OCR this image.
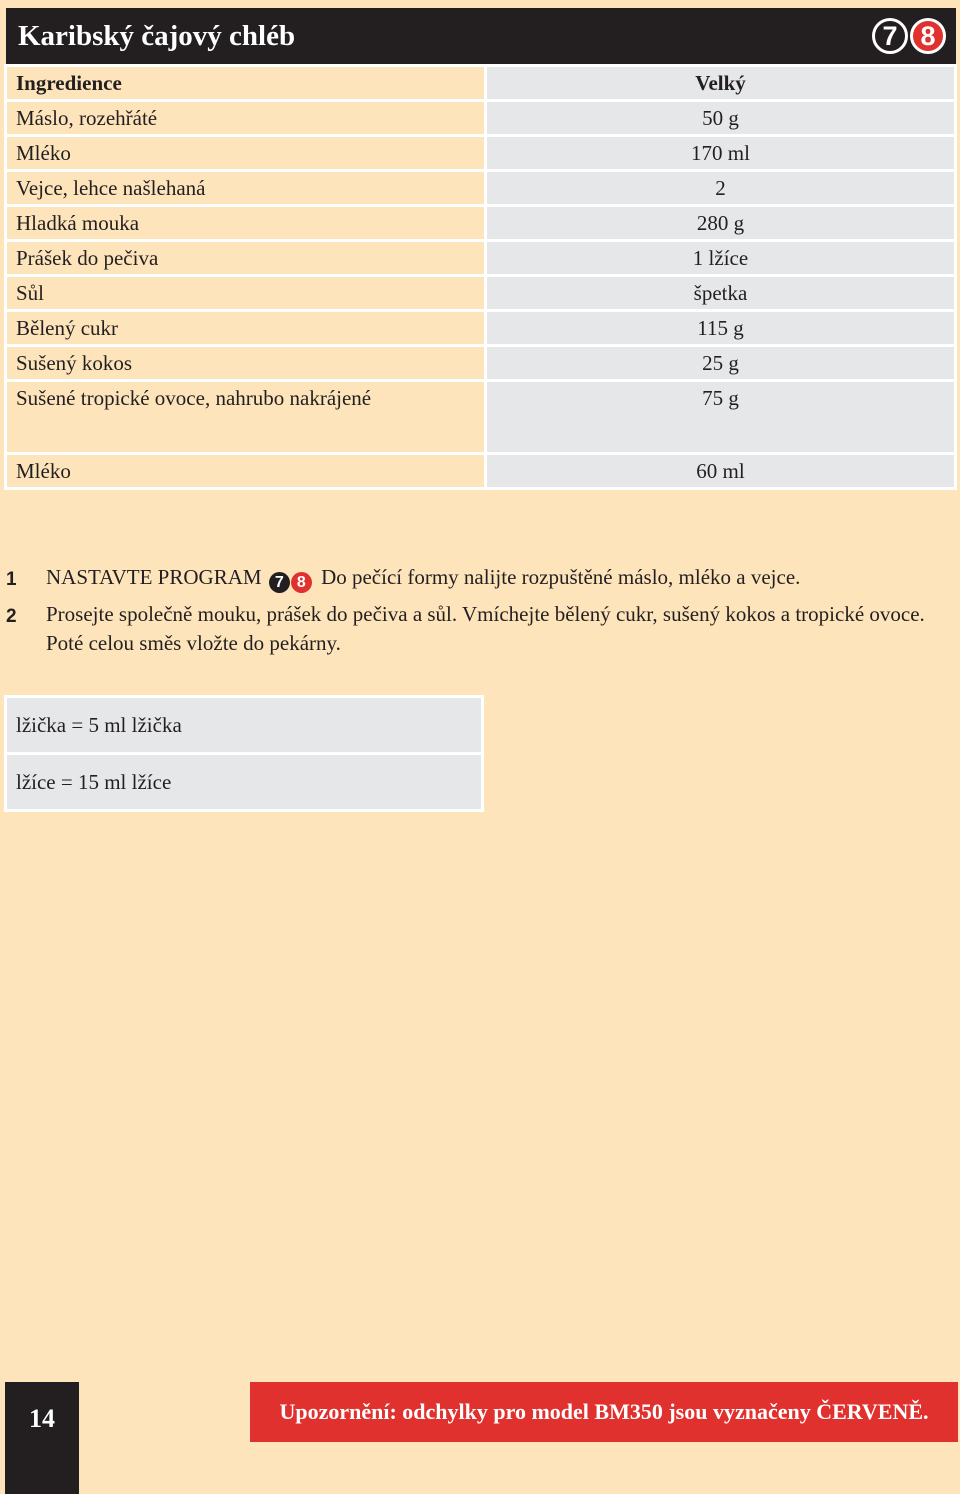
Karibský čajový chléb	7 8
Ingredience	Velký
Máslo, rozehřáté	50 g
Mléko	170 ml
Vejce, lehce našlehaná	2
Hladká mouka	280 g
Prášek do pečiva	1 lžíce
Sůl	špetka
Bělený cukr	115 g
Sušený kokos	25 g
Sušené tropické ovoce, nahrubo nakrájené	75 g
Mléko	60 ml
1	NASTAVTE PROGRAM 7 8 Do pečící formy nalijte rozpuštěné máslo, mléko a vejce.
2	Prosejte společně mouku, prášek do pečiva a sůl. Vmíchejte bělený cukr, sušený kokos a tropické ovoce. Poté celou směs vložte do pekárny.
lžička = 5 ml lžička
lžíce = 15 ml lžíce
14	Upozornění: odchylky pro model BM350 jsou vyznačeny ČERVENĚ.
